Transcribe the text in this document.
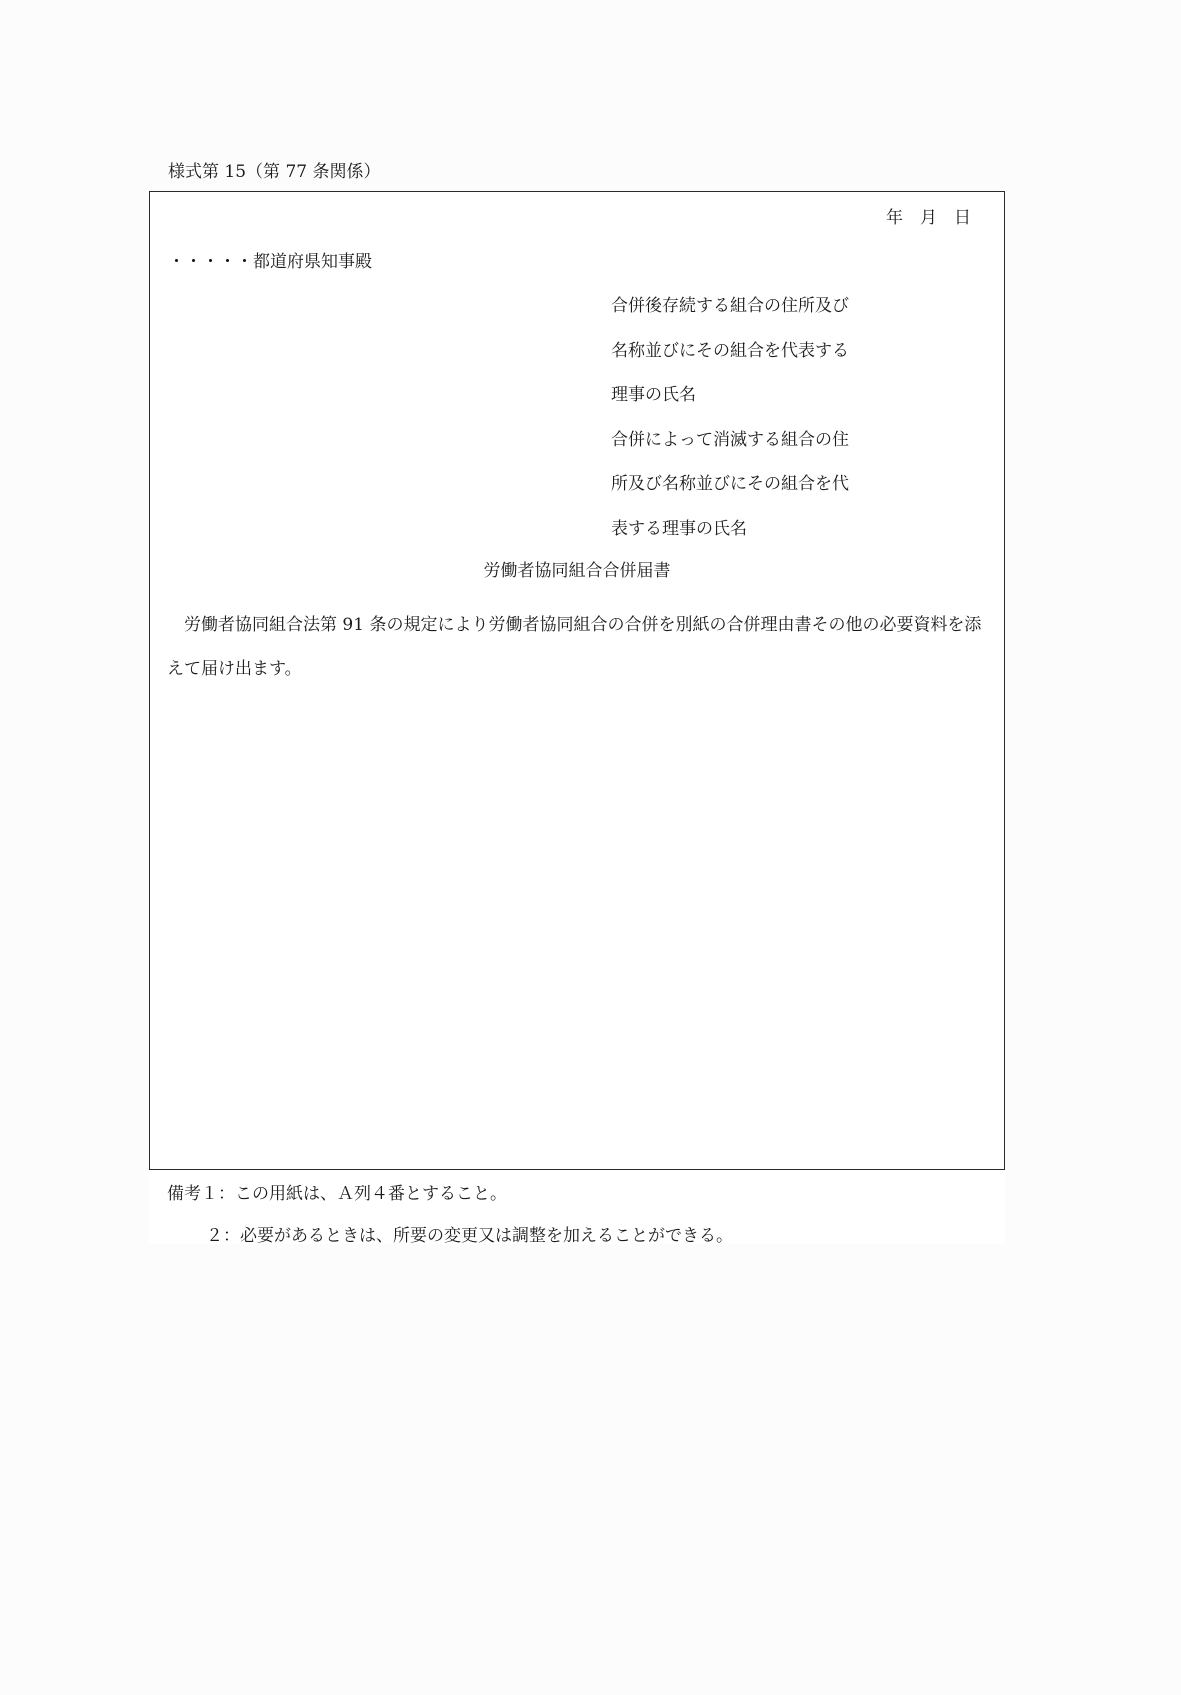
様式第 15（第 77 条関係）
年　月　日
・・・・・都道府県知事殿
合併後存続する組合の住所及び
名称並びにその組合を代表する
理事の氏名
合併によって消滅する組合の住
所及び名称並びにその組合を代
表する理事の氏名
労働者協同組合合併届書
労働者協同組合法第 91 条の規定により労働者協同組合の合併を別紙の合併理由書その他の必要資料を添えて届け出ます。
備考１：この用紙は、Ａ列４番とすること。
２：必要があるときは、所要の変更又は調整を加えることができる。
